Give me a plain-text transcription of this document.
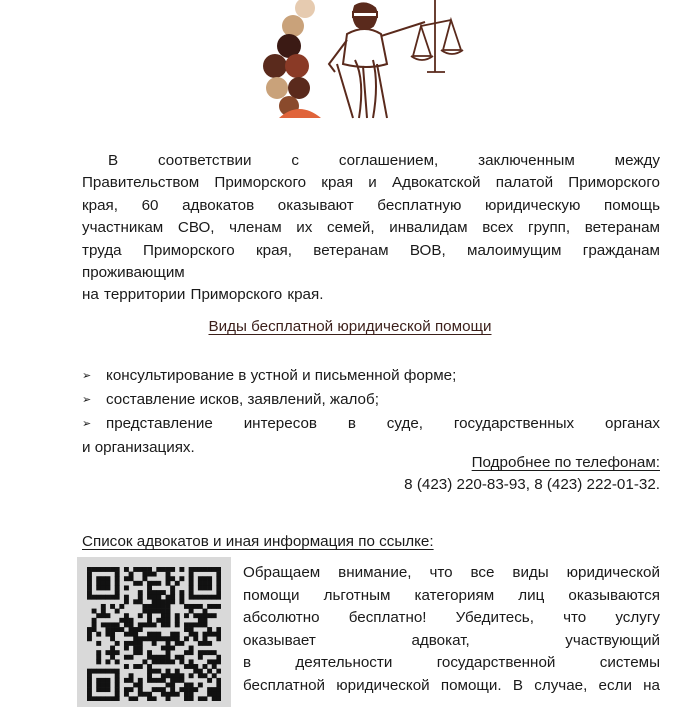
В соответствии с соглашением, заключенным между
Правительством Приморского края и Адвокатской палатой Приморского
края, 60 адвокатов оказывают бесплатную юридическую помощь
участникам СВО, членам их семей, инвалидам всех групп, ветеранам
труда Приморского края, ветеранам ВОВ, малоимущим гражданам
проживающим
на территории Приморского края.
Виды бесплатной юридической помощи
➢ консультирование в устной и письменной форме;
➢ составление исков, заявлений, жалоб;
➢ представление интересов в суде, государственных органах
и организациях.
Подробнее по телефонам:
8 (423) 220-83-93, 8 (423) 222-01-32.
Список адвокатов и иная информация по ссылке:
Обращаем внимание, что все виды юридической
помощи льготным категориям лиц оказываются
абсолютно бесплатно! Убедитесь, что услугу
оказывает адвокат, участвующий
в деятельности государственной системы
бесплатной юридической помощи. В случае, если на
